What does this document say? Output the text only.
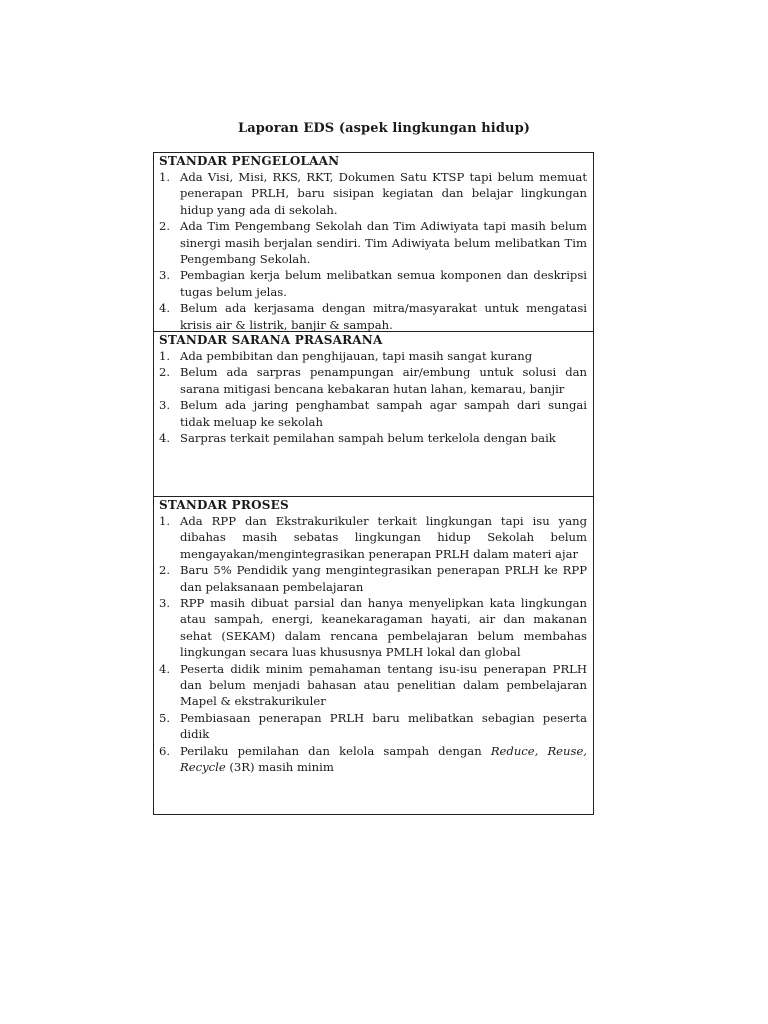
Laporan EDS (aspek lingkungan hidup)
STANDAR PENGELOLAAN
1. Ada Visi, Misi, RKS, RKT, Dokumen Satu KTSP tapi belum memuat penerapan PRLH, baru sisipan kegiatan dan belajar lingkungan hidup yang ada di sekolah.
2. Ada Tim Pengembang Sekolah dan Tim Adiwiyata tapi masih belum sinergi masih berjalan sendiri. Tim Adiwiyata belum melibatkan Tim Pengembang Sekolah.
3. Pembagian kerja belum melibatkan semua komponen dan deskripsi tugas belum jelas.
4. Belum ada kerjasama dengan mitra/masyarakat untuk mengatasi krisis air & listrik, banjir & sampah.
STANDAR SARANA PRASARANA
1. Ada pembibitan dan penghijauan, tapi masih sangat kurang
2. Belum ada sarpras penampungan air/embung untuk solusi dan sarana mitigasi bencana kebakaran hutan lahan, kemarau, banjir
3. Belum ada jaring penghambat sampah agar sampah dari sungai tidak meluap ke sekolah
4. Sarpras terkait pemilahan sampah belum terkelola dengan baik
STANDAR PROSES
1. Ada RPP dan Ekstrakurikuler terkait lingkungan tapi isu yang dibahas masih sebatas lingkungan hidup Sekolah belum mengayakan/mengintegrasikan penerapan PRLH dalam materi ajar
2. Baru 5% Pendidik yang mengintegrasikan penerapan PRLH ke RPP dan pelaksanaan pembelajaran
3. RPP masih dibuat parsial dan hanya menyelipkan kata lingkungan atau sampah, energi, keanekaragaman hayati, air dan makanan sehat (SEKAM) dalam rencana pembelajaran belum membahas lingkungan secara luas khususnya PMLH lokal dan global
4. Peserta didik minim pemahaman tentang isu-isu penerapan PRLH dan belum menjadi bahasan atau penelitian dalam pembelajaran Mapel & ekstrakurikuler
5. Pembiasaan penerapan PRLH baru melibatkan sebagian peserta didik
6. Perilaku pemilahan dan kelola sampah dengan Reduce, Reuse, Recycle (3R) masih minim
